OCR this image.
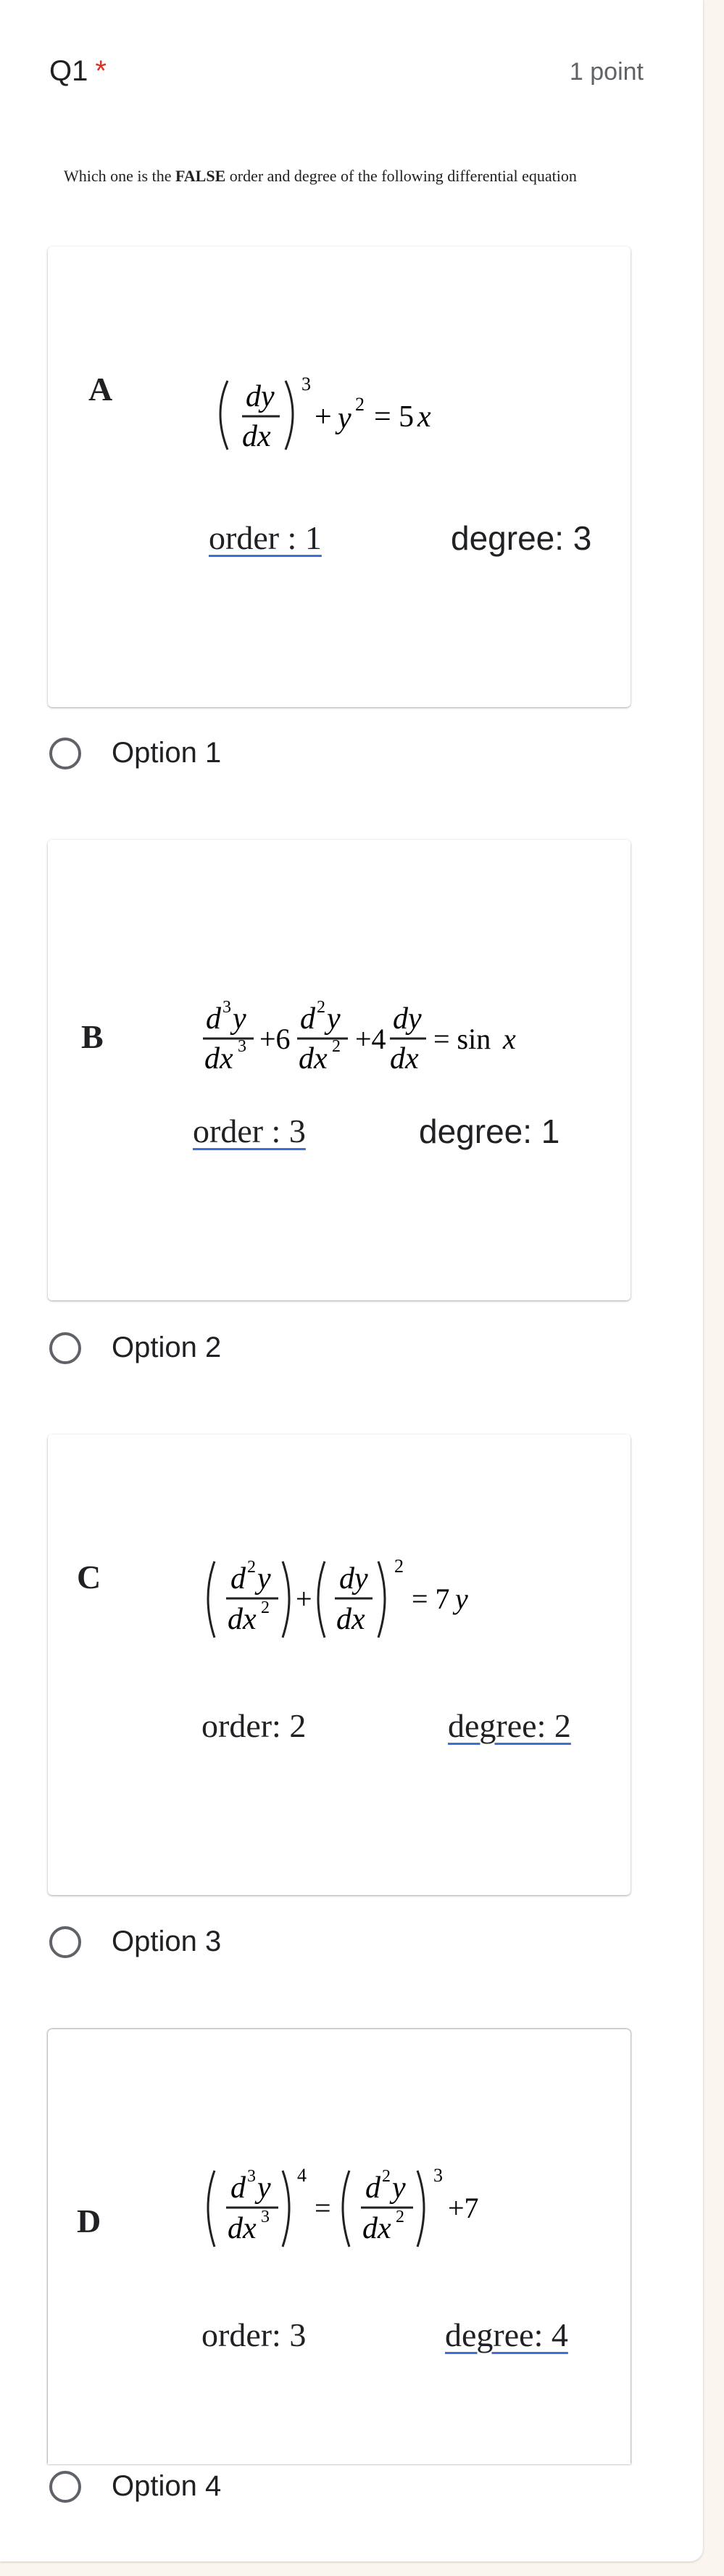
Q1 *	1 point
Which one is the FALSE order and degree of the following differential equation
A	dy
dx
3
+ y 2 = 5 x
order : 1	degree: 3
Option 1
B	d 3 y
dx 3 +6
d 2 y
dx 2 +4
dy
dx
= sin x
order : 3	degree: 1
Option 2
C	d 2 y
dx 2 +
dy
dx
2
= 7 y
order: 2	degree: 2
Option 3
D
d 3 y
dx 3
4
=
d 2 y
dx 2
3
+7
order: 3	degree: 4
Option 4
